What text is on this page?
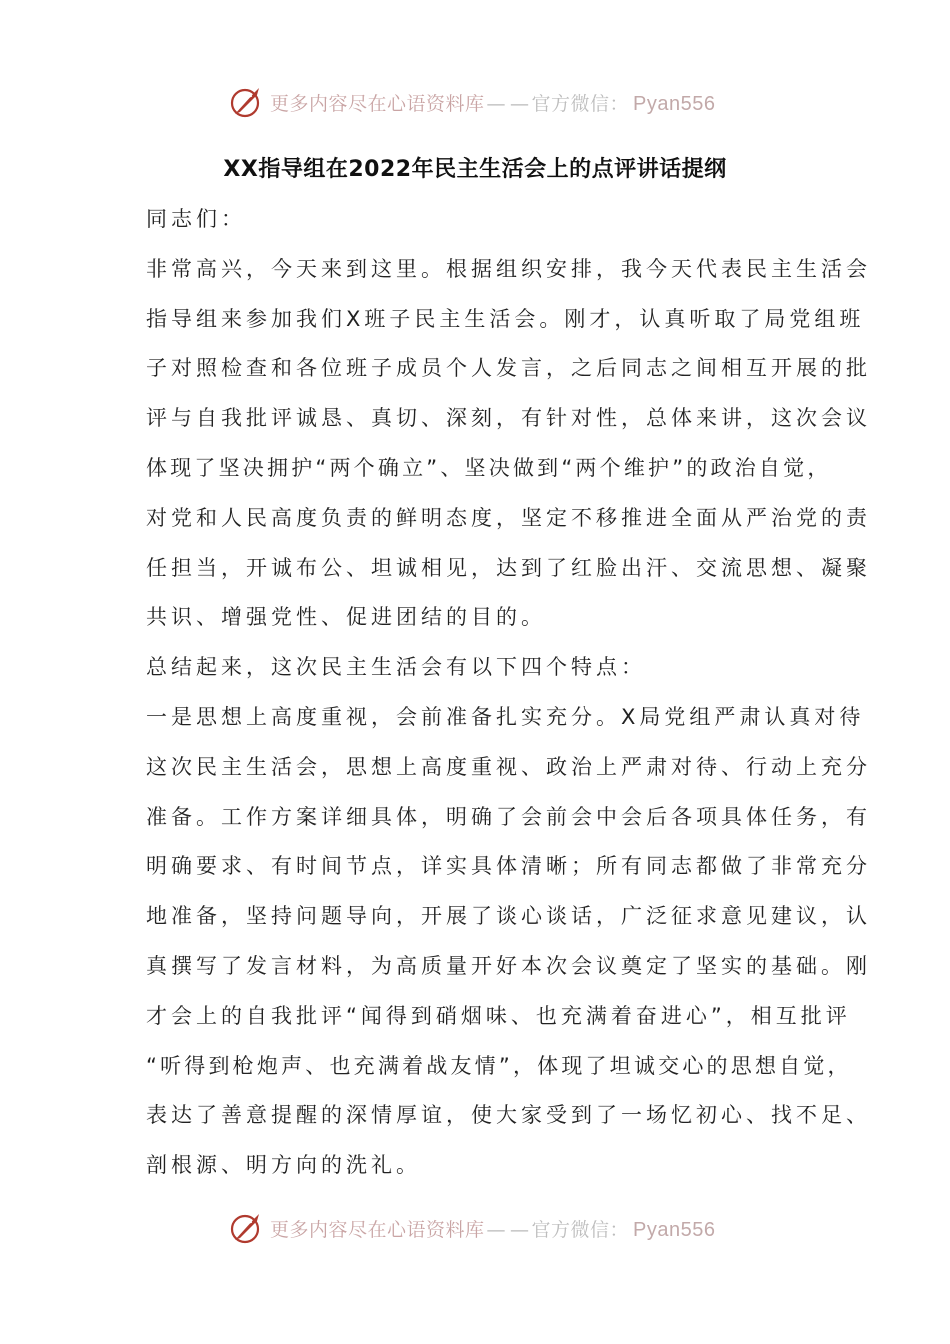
更多内容尽在心语资料库 — — 官方微信： Pyan556
XX指导组在2022年民主生活会上的点评讲话提纲
同志们：
非常高兴，今天来到这里。根据组织安排，我今天代表民主生活会
指导组来参加我们X班子民主生活会。刚才，认真听取了局党组班
子对照检查和各位班子成员个人发言，之后同志之间相互开展的批
评与自我批评诚恳、真切、深刻，有针对性，总体来讲，这次会议
体现了坚决拥护“两个确立”、坚决做到“两个维护”的政治自觉，
对党和人民高度负责的鲜明态度，坚定不移推进全面从严治党的责
任担当，开诚布公、坦诚相见，达到了红脸出汗、交流思想、凝聚
共识、增强党性、促进团结的目的。
总结起来，这次民主生活会有以下四个特点：
一是思想上高度重视，会前准备扎实充分。X局党组严肃认真对待
这次民主生活会，思想上高度重视、政治上严肃对待、行动上充分
准备。工作方案详细具体，明确了会前会中会后各项具体任务，有
明确要求、有时间节点，详实具体清晰；所有同志都做了非常充分
地准备，坚持问题导向，开展了谈心谈话，广泛征求意见建议，认
真撰写了发言材料，为高质量开好本次会议奠定了坚实的基础。刚
才会上的自我批评“闻得到硝烟味、也充满着奋进心”，相互批评
“听得到枪炮声、也充满着战友情”，体现了坦诚交心的思想自觉，
表达了善意提醒的深情厚谊，使大家受到了一场忆初心、找不足、
剖根源、明方向的洗礼。
更多内容尽在心语资料库 — — 官方微信： Pyan556
